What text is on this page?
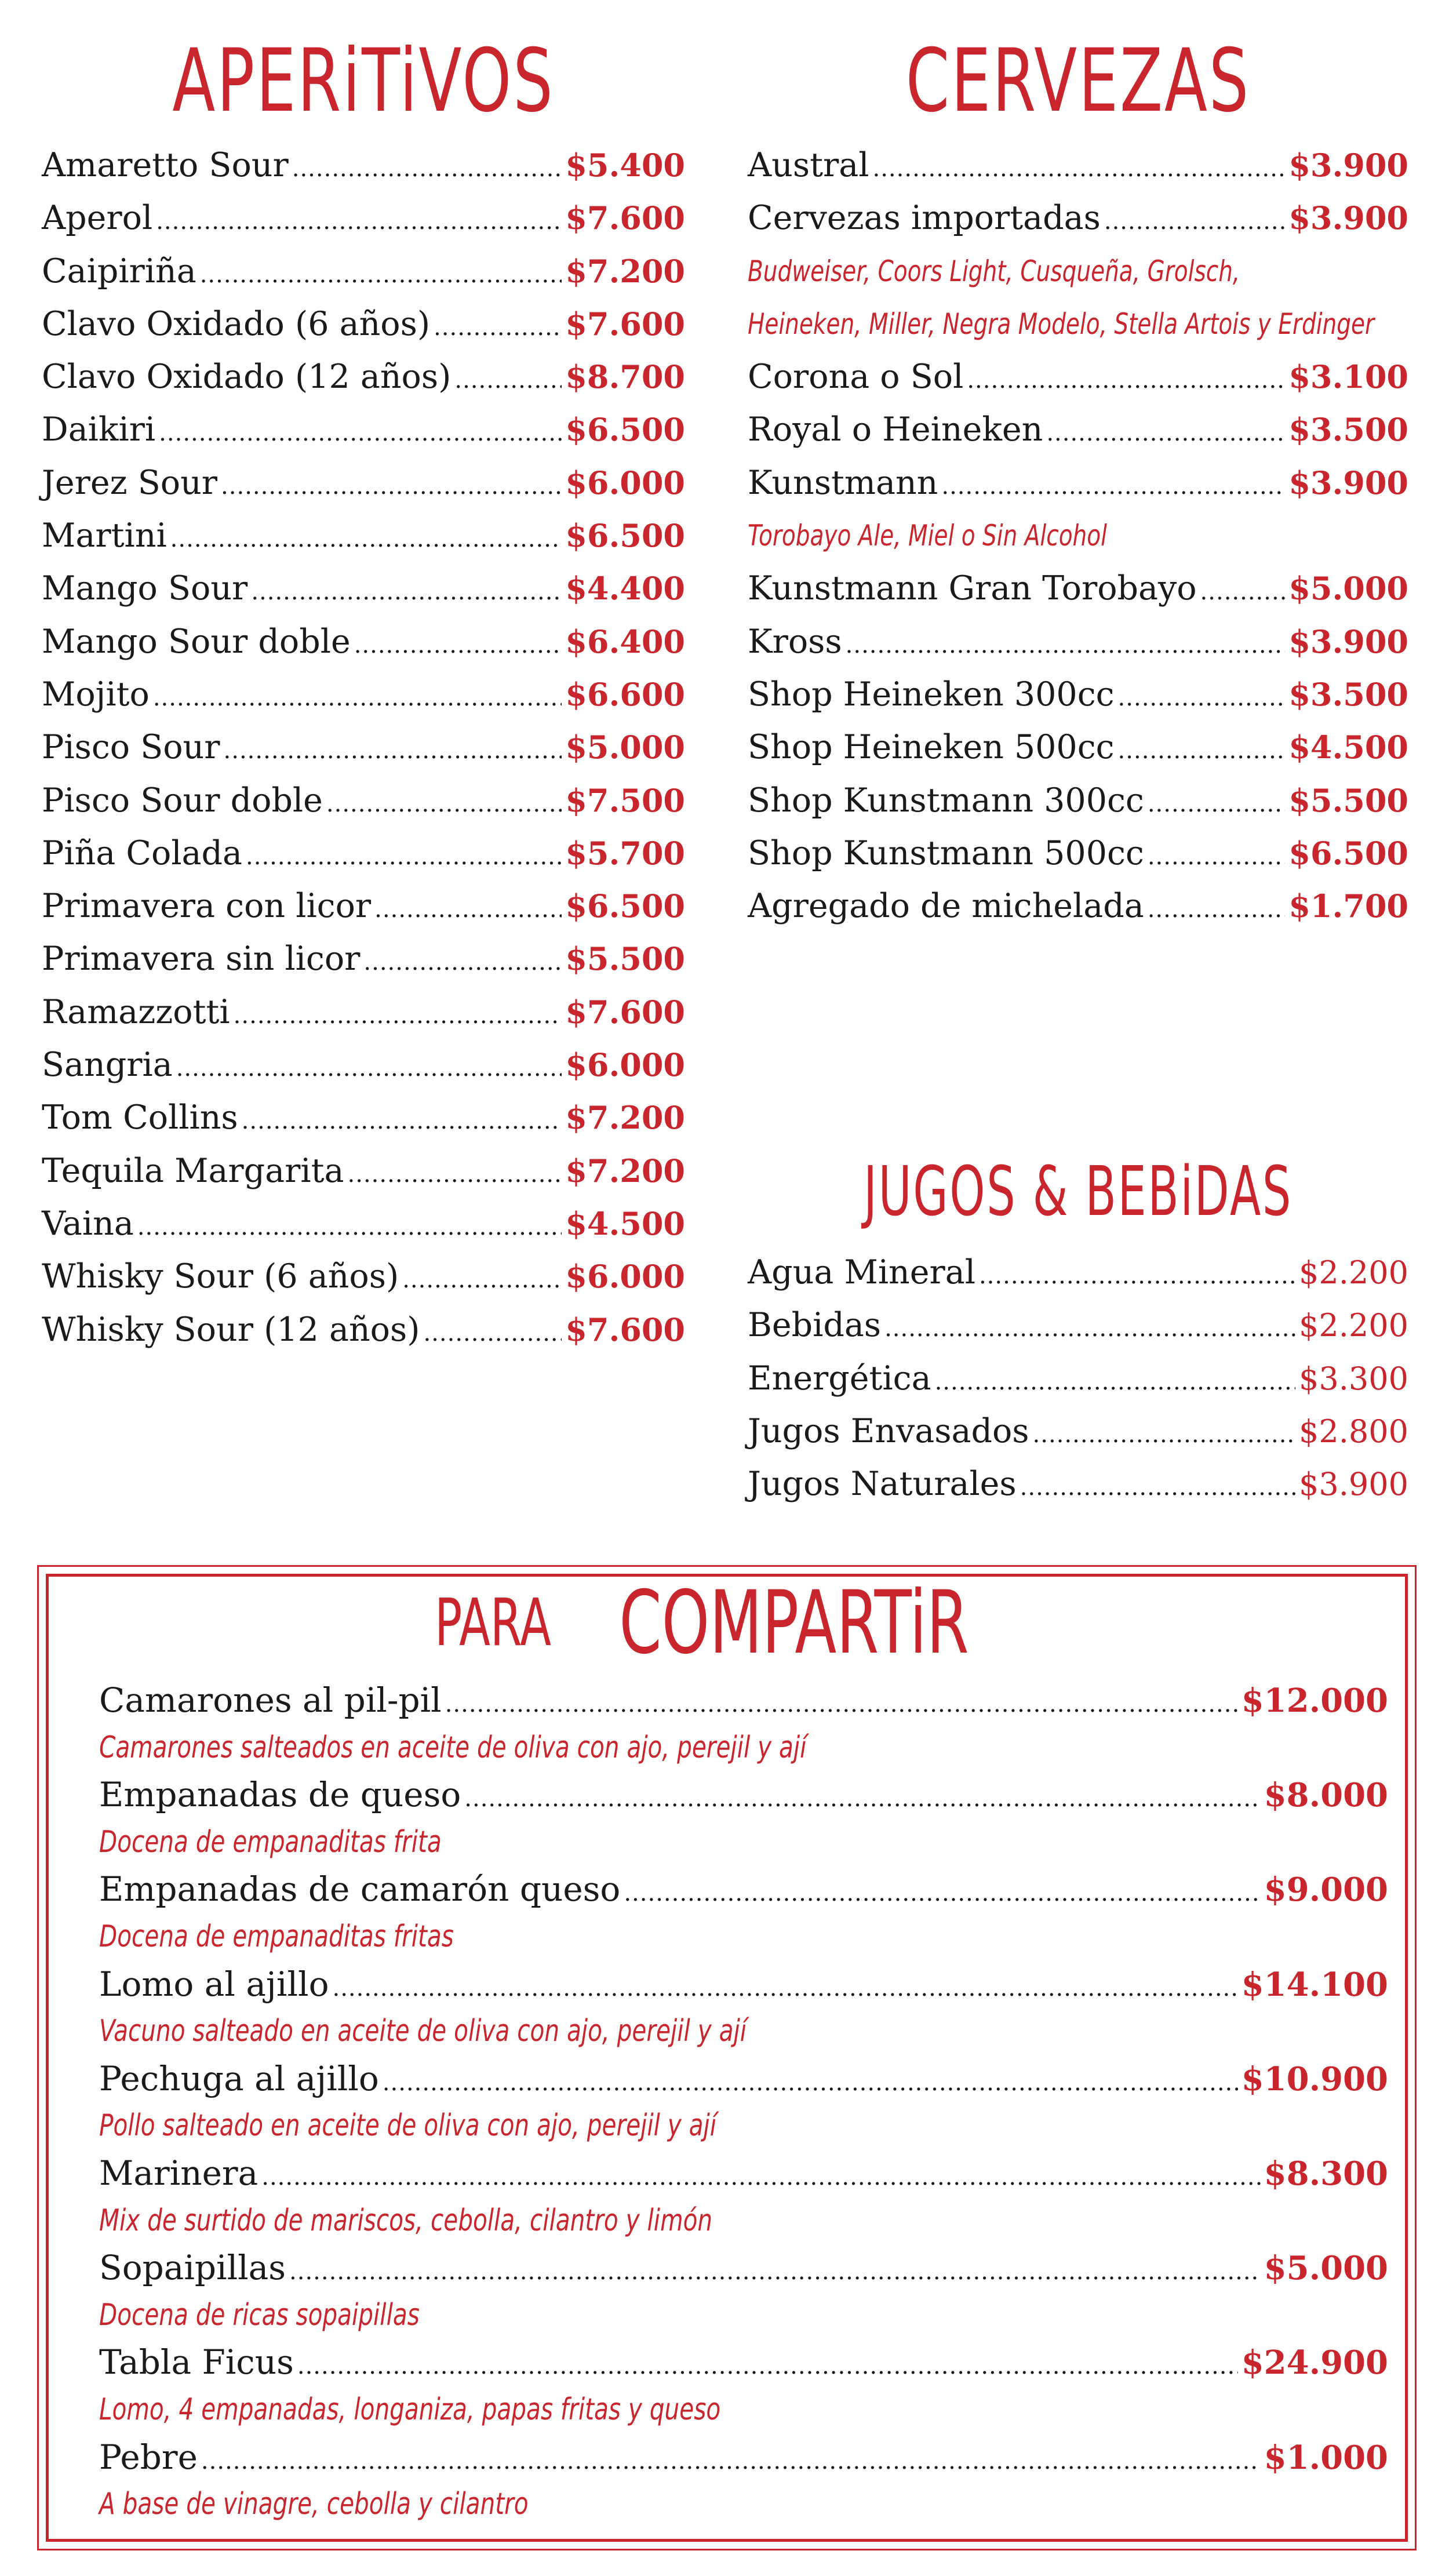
APERiTiVOS
Amaretto Sour .....	$5.400
Aperol .....	$7.600
Caipiriña .....	$7.200
Clavo Oxidado (6 años) .....	$7.600
Clavo Oxidado (12 años) .....	$8.700
Daikiri .....	$6.500
Jerez Sour .....	$6.000
Martini .....	$6.500
Mango Sour .....	$4.400
Mango Sour doble .....	$6.400
Mojito .....	$6.600
Pisco Sour .....	$5.000
Pisco Sour doble .....	$7.500
Piña Colada .....	$5.700
Primavera con licor .....	$6.500
Primavera sin licor .....	$5.500
Ramazzotti .....	$7.600
Sangria .....	$6.000
Tom Collins .....	$7.200
Tequila Margarita .....	$7.200
Vaina .....	$4.500
Whisky Sour (6 años) .....	$6.000
Whisky Sour (12 años) .....	$7.600
CERVEZAS
Austral .....	$3.900
Cervezas importadas .....	$3.900
Budweiser, Coors Light, Cusqueña, Grolsch,
Heineken, Miller, Negra Modelo, Stella Artois y Erdinger
Corona o Sol .....	$3.100
Royal o Heineken .....	$3.500
Kunstmann .....	$3.900
Torobayo Ale, Miel o Sin Alcohol
Kunstmann Gran Torobayo .....	$5.000
Kross .....	$3.900
Shop Heineken 300cc .....	$3.500
Shop Heineken 500cc .....	$4.500
Shop Kunstmann 300cc .....	$5.500
Shop Kunstmann 500cc .....	$6.500
Agregado de michelada .....	$1.700
JUGOS & BEBiDAS
Agua Mineral .....	$2.200
Bebidas .....	$2.200
Energética .....	$3.300
Jugos Envasados .....	$2.800
Jugos Naturales .....	$3.900
PARA COMPARTiR
Camarones al pil-pil .....	$12.000
Camarones salteados en aceite de oliva con ajo, perejil y ají
Empanadas de queso .....	$8.000
Docena de empanaditas frita
Empanadas de camarón queso .....	$9.000
Docena de empanaditas fritas
Lomo al ajillo .....	$14.100
Vacuno salteado en aceite de oliva con ajo, perejil y ají
Pechuga al ajillo .....	$10.900
Pollo salteado en aceite de oliva con ajo, perejil y ají
Marinera .....	$8.300
Mix de surtido de mariscos, cebolla, cilantro y limón
Sopaipillas .....	$5.000
Docena de ricas sopaipillas
Tabla Ficus .....	$24.900
Lomo, 4 empanadas, longaniza, papas fritas y queso
Pebre .....	$1.000
A base de vinagre, cebolla y cilantro
